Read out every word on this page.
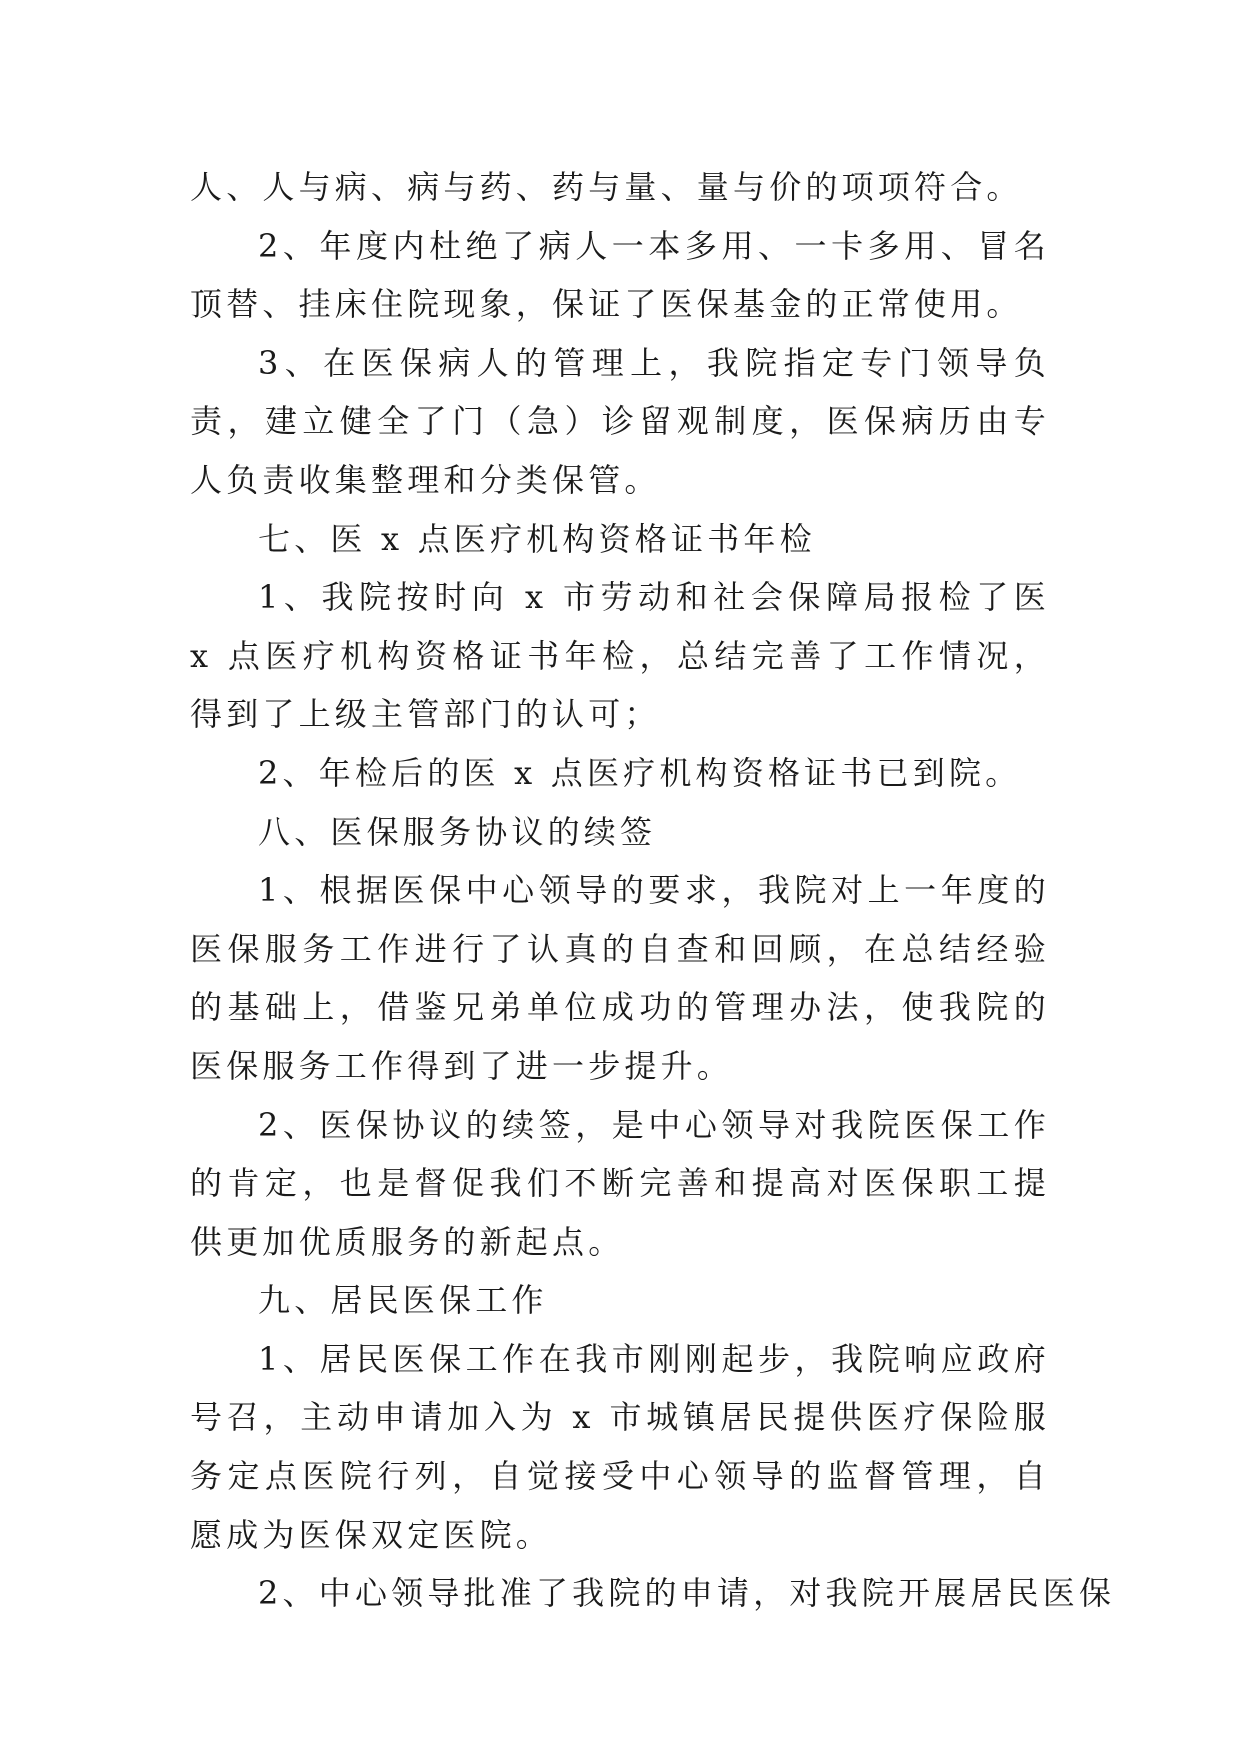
人、人与病、病与药、药与量、量与价的项项符合。

2、年度内杜绝了病人一本多用、一卡多用、冒名顶替、挂床住院现象，保证了医保基金的正常使用。

3、在医保病人的管理上，我院指定专门领导负责，建立健全了门（急）诊留观制度，医保病历由专人负责收集整理和分类保管。

七、医 x 点医疗机构资格证书年检

1、我院按时向 x 市劳动和社会保障局报检了医 x 点医疗机构资格证书年检，总结完善了工作情况，得到了上级主管部门的认可；

2、年检后的医 x 点医疗机构资格证书已到院。

八、医保服务协议的续签

1、根据医保中心领导的要求，我院对上一年度的医保服务工作进行了认真的自查和回顾，在总结经验的基础上，借鉴兄弟单位成功的管理办法，使我院的医保服务工作得到了进一步提升。

2、医保协议的续签，是中心领导对我院医保工作的肯定，也是督促我们不断完善和提高对医保职工提供更加优质服务的新起点。

九、居民医保工作

1、居民医保工作在我市刚刚起步，我院响应政府号召，主动申请加入为 x 市城镇居民提供医疗保险服务定点医院行列，自觉接受中心领导的监督管理，自愿成为医保双定医院。

2、中心领导批准了我院的申请，对我院开展居民医保
